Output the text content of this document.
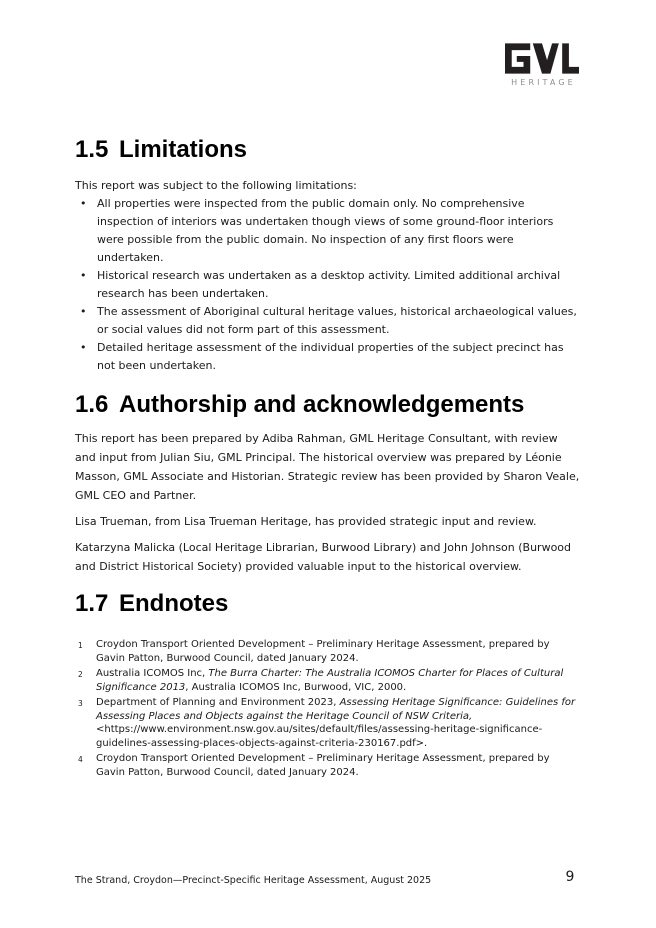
HERITAGE
1.5 Limitations

This report was subject to the following limitations:

• All properties were inspected from the public domain only. No comprehensive inspection of interiors was undertaken though views of some ground-floor interiors were possible from the public domain. No inspection of any first floors were undertaken.
• Historical research was undertaken as a desktop activity. Limited additional archival research has been undertaken.
• The assessment of Aboriginal cultural heritage values, historical archaeological values, or social values did not form part of this assessment.
• Detailed heritage assessment of the individual properties of the subject precinct has not been undertaken.
1.6 Authorship and acknowledgements

This report has been prepared by Adiba Rahman, GML Heritage Consultant, with review and input from Julian Siu, GML Principal. The historical overview was prepared by Léonie Masson, GML Associate and Historian. Strategic review has been provided by Sharon Veale, GML CEO and Partner.

Lisa Trueman, from Lisa Trueman Heritage, has provided strategic input and review.

Katarzyna Malicka (Local Heritage Librarian, Burwood Library) and John Johnson (Burwood and District Historical Society) provided valuable input to the historical overview.

1.7 Endnotes
1	Croydon Transport Oriented Development – Preliminary Heritage Assessment, prepared by Gavin Patton, Burwood Council, dated January 2024.
2	Australia ICOMOS Inc, The Burra Charter: The Australia ICOMOS Charter for Places of Cultural Significance 2013, Australia ICOMOS Inc, Burwood, VIC, 2000.
3	Department of Planning and Environment 2023, Assessing Heritage Significance: Guidelines for Assessing Places and Objects against the Heritage Council of NSW Criteria, <https://www.environment.nsw.gov.au/sites/default/files/assessing-heritage-significance-guidelines-assessing-places-objects-against-criteria-230167.pdf>.
4	Croydon Transport Oriented Development – Preliminary Heritage Assessment, prepared by Gavin Patton, Burwood Council, dated January 2024.
The Strand, Croydon—Precinct-Specific Heritage Assessment, August 2025	9
